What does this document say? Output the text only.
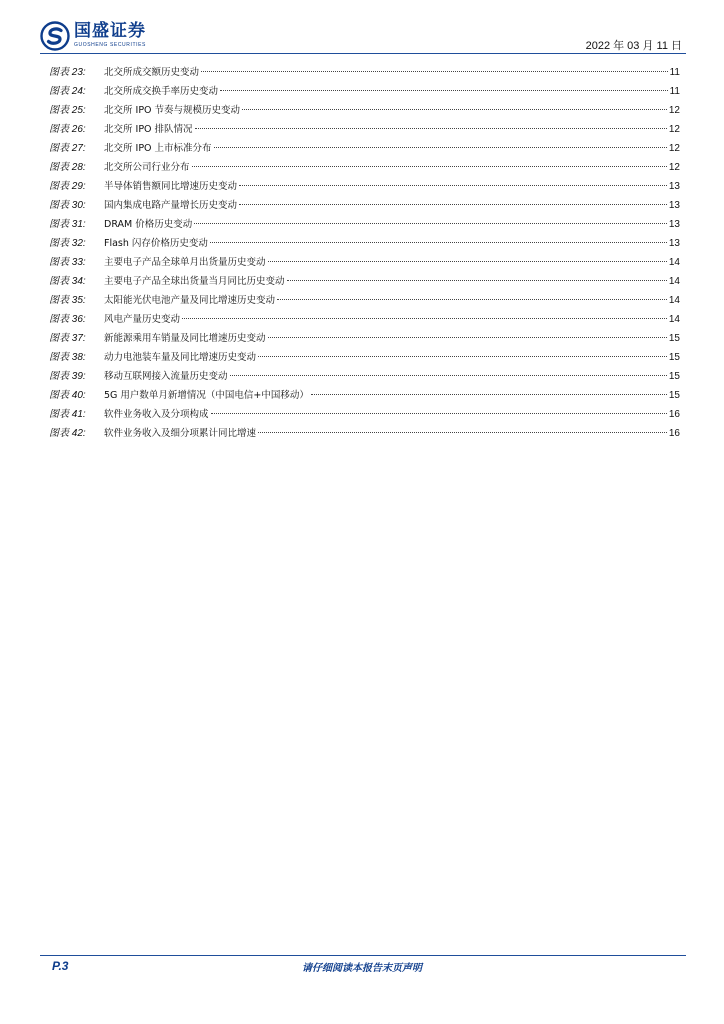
国盛证券
GUOSHENG SECURITIES	2022 年 03 月 11 日
图表 23:	北交所成交额历史变动	11
图表 24:	北交所成交换手率历史变动	11
图表 25:	北交所 IPO 节奏与规模历史变动	12
图表 26:	北交所 IPO 排队情况	12
图表 27:	北交所 IPO 上市标准分布	12
图表 28:	北交所公司行业分布	12
图表 29:	半导体销售额同比增速历史变动	13
图表 30:	国内集成电路产量增长历史变动	13
图表 31:	DRAM 价格历史变动	13
图表 32:	Flash 闪存价格历史变动	13
图表 33:	主要电子产品全球单月出货量历史变动	14
图表 34:	主要电子产品全球出货量当月同比历史变动	14
图表 35:	太阳能光伏电池产量及同比增速历史变动	14
图表 36:	风电产量历史变动	14
图表 37:	新能源乘用车销量及同比增速历史变动	15
图表 38:	动力电池装车量及同比增速历史变动	15
图表 39:	移动互联网接入流量历史变动	15
图表 40:	5G 用户数单月新增情况（中国电信+中国移动）	15
图表 41:	软件业务收入及分项构成	16
图表 42:	软件业务收入及细分项累计同比增速	16
P.3	请仔细阅读本报告末页声明
